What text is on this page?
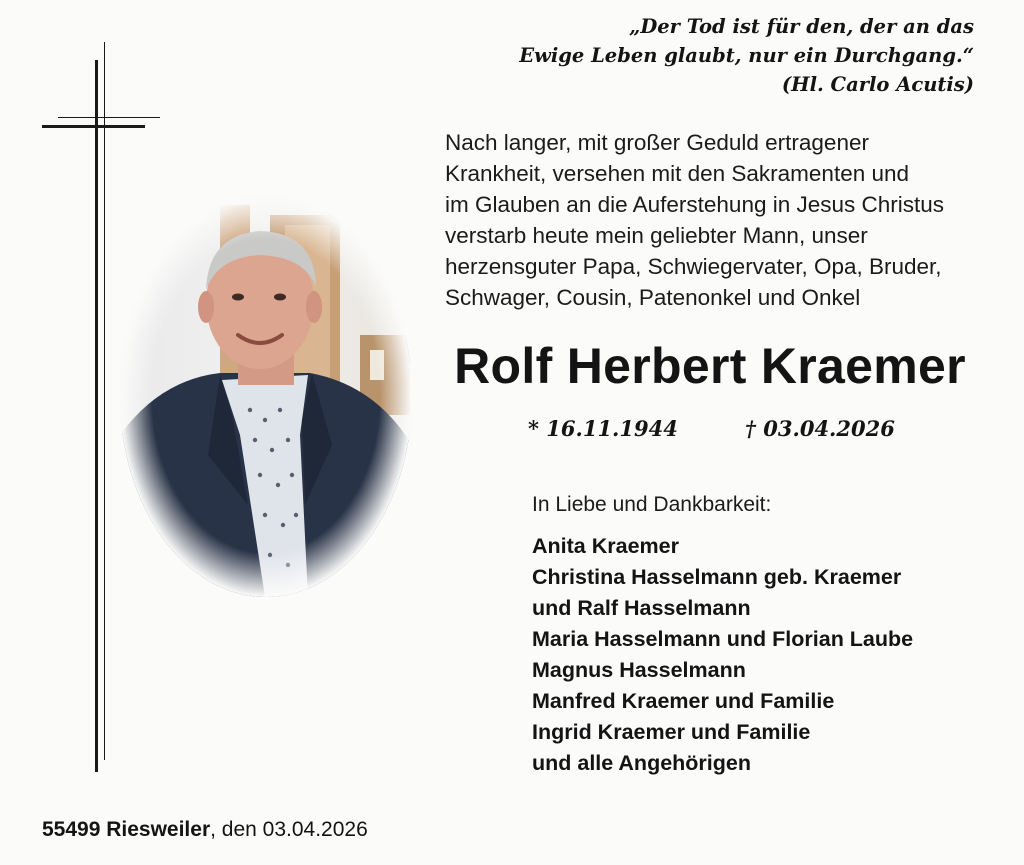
„Der Tod ist für den, der an das
Ewige Leben glaubt, nur ein Durchgang.“
(Hl. Carlo Acutis)
Nach langer, mit großer Geduld ertragener
Krankheit, versehen mit den Sakramenten und
im Glauben an die Auferstehung in Jesus Christus
verstarb heute mein geliebter Mann, unser
herzensguter Papa, Schwiegervater, Opa, Bruder,
Schwager, Cousin, Patenonkel und Onkel
Rolf Herbert Kraemer
* 16.11.1944	† 03.04.2026
In Liebe und Dankbarkeit:
Anita Kraemer
Christina Hasselmann geb. Kraemer
und Ralf Hasselmann
Maria Hasselmann und Florian Laube
Magnus Hasselmann
Manfred Kraemer und Familie
Ingrid Kraemer und Familie
und alle Angehörigen
55499 Riesweiler, den 03.04.2026
